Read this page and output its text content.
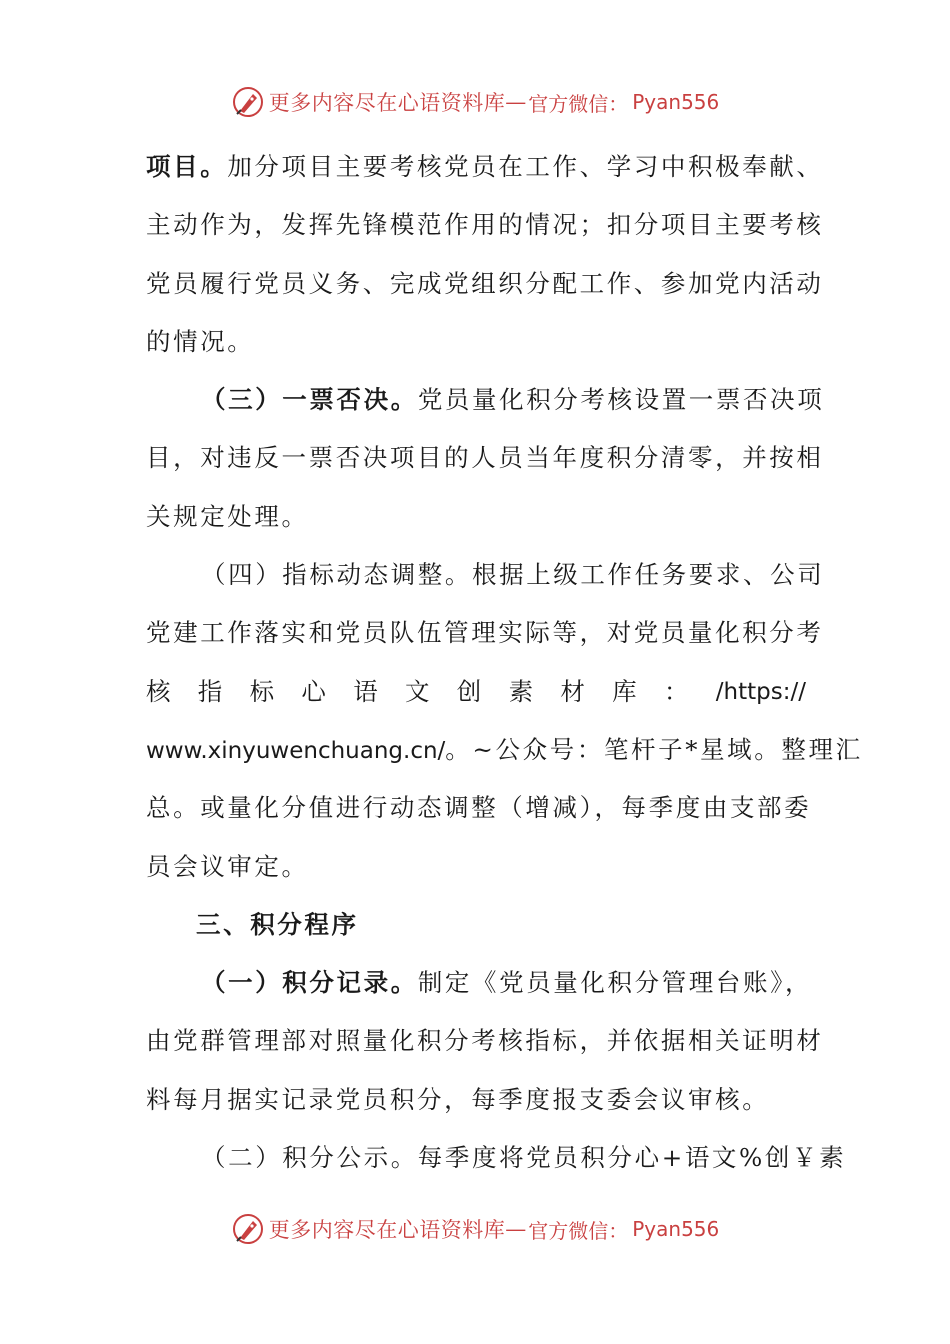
更多内容尽在心语资料库 — 官方微信： Pyan556
项目。加分项目主要考核党员在工作、学习中积极奉献、
主动作为，发挥先锋模范作用的情况；扣分项目主要考核
党员履行党员义务、完成党组织分配工作、参加党内活动
的情况。
（三）一票否决。党员量化积分考核设置一票否决项
目，对违反一票否决项目的人员当年度积分清零，并按相
关规定处理。
（四）指标动态调整。根据上级工作任务要求、公司
党建工作落实和党员队伍管理实际等，对党员量化积分考
核 指 标 心 语 文 创 素 材 库 ： /https://
www.xinyuwenchuang.cn/。~公众号：笔杆子*星域。整理汇
总。或量化分值进行动态调整（增减），每季度由支部委
员会议审定。
三、积分程序
（一）积分记录。制定《党员量化积分管理台账》，
由党群管理部对照量化积分考核指标，并依据相关证明材
料每月据实记录党员积分，每季度报支委会议审核。
（二）积分公示。每季度将党员积分心+语文%创￥素
更多内容尽在心语资料库 — 官方微信： Pyan556
